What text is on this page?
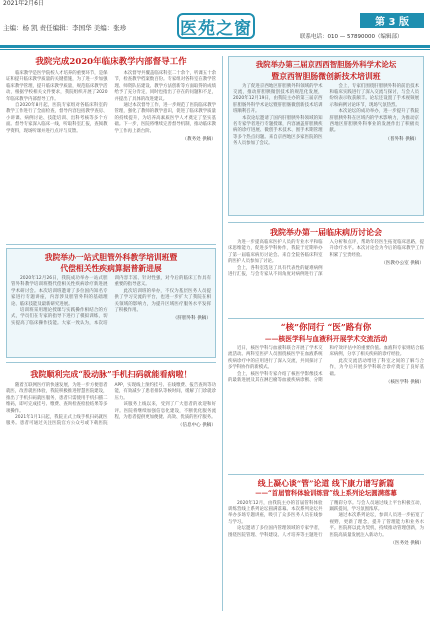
2021年2月6日
主编：杨 凯 责任编辑：李国华 美编：张珍	医苑之窗	第 3 版
联系电话：010 — 57890000（编辑部）
我院完成2020年临床教学内部督导工作

临床教学是医学院校人才培养的重要环节，是保证和提升临床教学质量的关键措施，为了进一步加强临床教学管理，提升临床教学质量，规范临床教学活动，根据学校相关文件要求，我院组织开展了2020年临床教学内部督导工作。

自2020年8月起，医院专家组对各临床科室的教学工作进行了全面检查，督导内容包括教学查房、小讲课、病例讨论、技能培训、出科考核等多个方面。督导专家深入临床一线，听取科室汇报，查阅教学资料，现场听课并进行点评与反馈。

本次督导共覆盖临床科室二十余个，听课五十余节，检查教学档案数百份。专家组对各科室在教学管理、师资队伍建设、教学方法创新等方面取得的成绩给予了充分肯定，同时也指出了存在的问题和不足，并提出了具体的改进建议。

通过本次督导工作，进一步规范了医院临床教学管理，强化了教师的教学意识，促进了临床教学质量的持续提升，为培养高素质医学人才奠定了坚实基础。下一步，医院将继续完善督导机制，推动临床教学工作再上新台阶。

（教务处 供稿）
我院举办一站式胆管外科教学培训班暨
代偿相关性疾病算据普新进展

2020年12月26日，我院成功举办一站式胆管外科教学培训班暨代偿相关性疾病诊疗新进展学术研讨会。本次培训班邀请了多位国内知名专家进行专题讲座，内容涉及胆管外科的基础理论、临床技能及最新研究进展。

培训班采用理论授课与实践操作相结合的方式，学员们在专家的指导下进行了模拟训练，切实提高了临床操作技能。大家一致认为，本次培训内容丰富、针对性强，对今后的临床工作具有重要的指导意义。

此次培训班的举办，不仅为基层医务人员提供了学习交流的平台，也进一步扩大了我院在相关领域的影响力，为提升区域医疗服务水平发挥了积极作用。

（肝胆外科 供稿）
我院顺利完成“股动脉”手机扫码就能看病啦！

随着互联网医疗的快速发展，为进一步方便患者就医，改善就医体验，我院积极推进智慧医院建设，推出了手机扫码就医服务，患者只需使用手机扫描二维码，即可完成挂号、缴费、查询检查检验结果等多项操作。

2021年1月1日起，我院正式上线手机扫码就医服务。患者可通过关注医院官方公众号或下载医院APP，实现线上预约挂号、在线缴费、报告查询等功能，有效减少了患者排队等候时间，缓解了门诊就诊压力。

该服务上线以来，受到了广大患者的欢迎和好评。医院将继续加强信息化建设，不断优化服务流程，为患者提供更加便捷、高效、优质的医疗服务。

（信息中心 供稿）
我院举办第三届京西西智胆肠外科学术论坛
暨京西智胆肠微创新技术培训班

为了促进京西地区肝胆胰外科领域的学术交流，推动肝胆胰微创技术的规范化发展，2020年12月19日，由我院主办的第三届京西肝胆肠外科学术论坛暨肝胆肠微创新技术培训班顺利召开。

本次论坛邀请了国内肝胆胰外科领域的知名专家学者进行专题授课，内容涵盖肝胆胰疾病的诊疗进展、微创手术技术、围手术期管理等多个热点问题。来自京西地区多家医院的医务人员参加了会议。

会上，专家们围绕肝胆胰外科的前沿技术和临床实践进行了深入交流与探讨，与会人员纷纷表示收获颇丰。论坛还设置了手术视频展示和病例讨论环节，现场气氛热烈。

本次论坛的成功举办，进一步提升了我院肝胆胰外科在区域内的学术影响力，为推动京西地区肝胆胰外科事业的发展作出了积极贡献。

（普外科 供稿）
我院举办第一届临床病历讨论会

为进一步提高临床医护人员的专业水平和临床思维能力，促进多学科协作，我院于近期举办了第一届临床病历讨论会。来自全院各临床科室的医护人员参加了讨论。

会上，各科室选送了具有代表性的疑难病例进行汇报，与会专家从不同角度对病例进行了深入分析和点评，帮助年轻医生拓宽临床思路，提升诊疗水平。本次讨论会为今后的临床教学工作积累了宝贵经验。

（医教办公室 供稿）
“核”你同行 “医”路有你
——核医学科与血液科开展学术交流活动

近日，核医学科与血液科联合开展了学术交流活动。两科室医护人员围绕核医学在血液系统疾病诊疗中的应用进行了深入交流，共同探讨了多学科协作的新模式。

会上，核医学科专家介绍了核医学影像技术的最新进展及其在淋巴瘤等血液疾病诊断、分期和疗效评估中的重要价值。血液科专家则结合临床病例，分享了相关疾病的诊疗经验。

此次交流活动增进了科室之间的了解与合作，为今后开展多学科联合诊疗奠定了良好基础。

（核医学科 供稿）
线上凝心谈“管”论道 线下康力谱写新篇
——“首届管科体验训练营”线上系列论坛圆满落幕

2020年12月，由我院主办的首届管科体验训练营线上系列论坛圆满落幕。本次系列论坛共举办多场专题讲座，吸引了众多医务人员在线参与学习。

论坛邀请了多位国内管理领域的专家学者，围绕医院管理、学科建设、人才培养等主题进行了精彩分享。与会人员通过线上平台积极互动，踊跃提问，学习氛围浓厚。

通过本次系列论坛，参训人员进一步拓宽了视野，更新了理念，提升了管理能力和业务水平。医院将以此为契机，持续推动管理创新，为医院高质量发展注入新动力。

（医务处 供稿）
